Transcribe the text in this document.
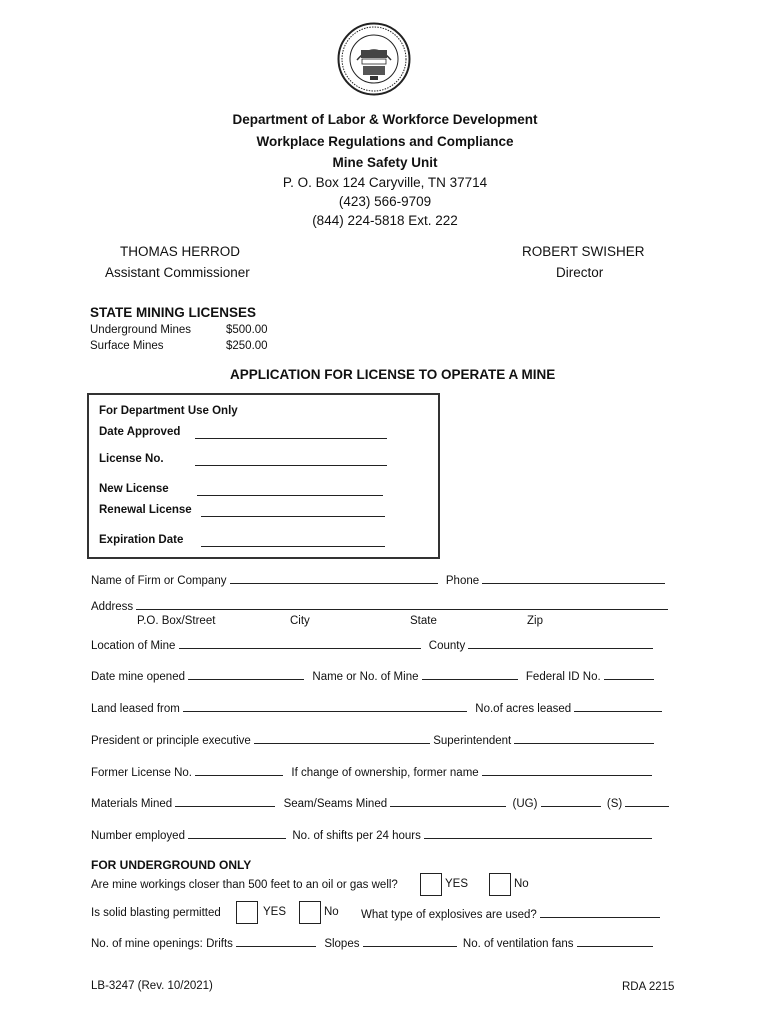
Department of Labor & Workforce Development
Workplace Regulations and Compliance
Mine Safety Unit
P. O. Box 124 Caryville, TN 37714
(423) 566-9709
(844) 224-5818 Ext. 222
THOMAS HERROD
Assistant Commissioner
ROBERT SWISHER
Director
STATE MINING LICENSES
Underground Mines	$500.00
Surface Mines	$250.00
APPLICATION FOR LICENSE TO OPERATE A MINE
For Department Use Only
Date Approved
License No.
New License
Renewal License
Expiration Date
Name of Firm or Company	Phone
Address
P.O. Box/Street	City	State	Zip
Location of Mine	County
Date mine opened	Name or No. of Mine	Federal ID No.
Land leased from	No.of acres leased
President or principle executive	Superintendent
Former License No.	If change of ownership, former name
Materials Mined	Seam/Seams Mined	(UG)	(S)
Number employed	No. of shifts per 24 hours
FOR UNDERGROUND ONLY
Are mine workings closer than 500 feet to an oil or gas well?	YES	No
Is solid blasting permitted	YES	No What type of explosives are used?
No. of mine openings: Drifts	Slopes	No. of ventilation fans
LB-3247 (Rev. 10/2021)	RDA 2215
